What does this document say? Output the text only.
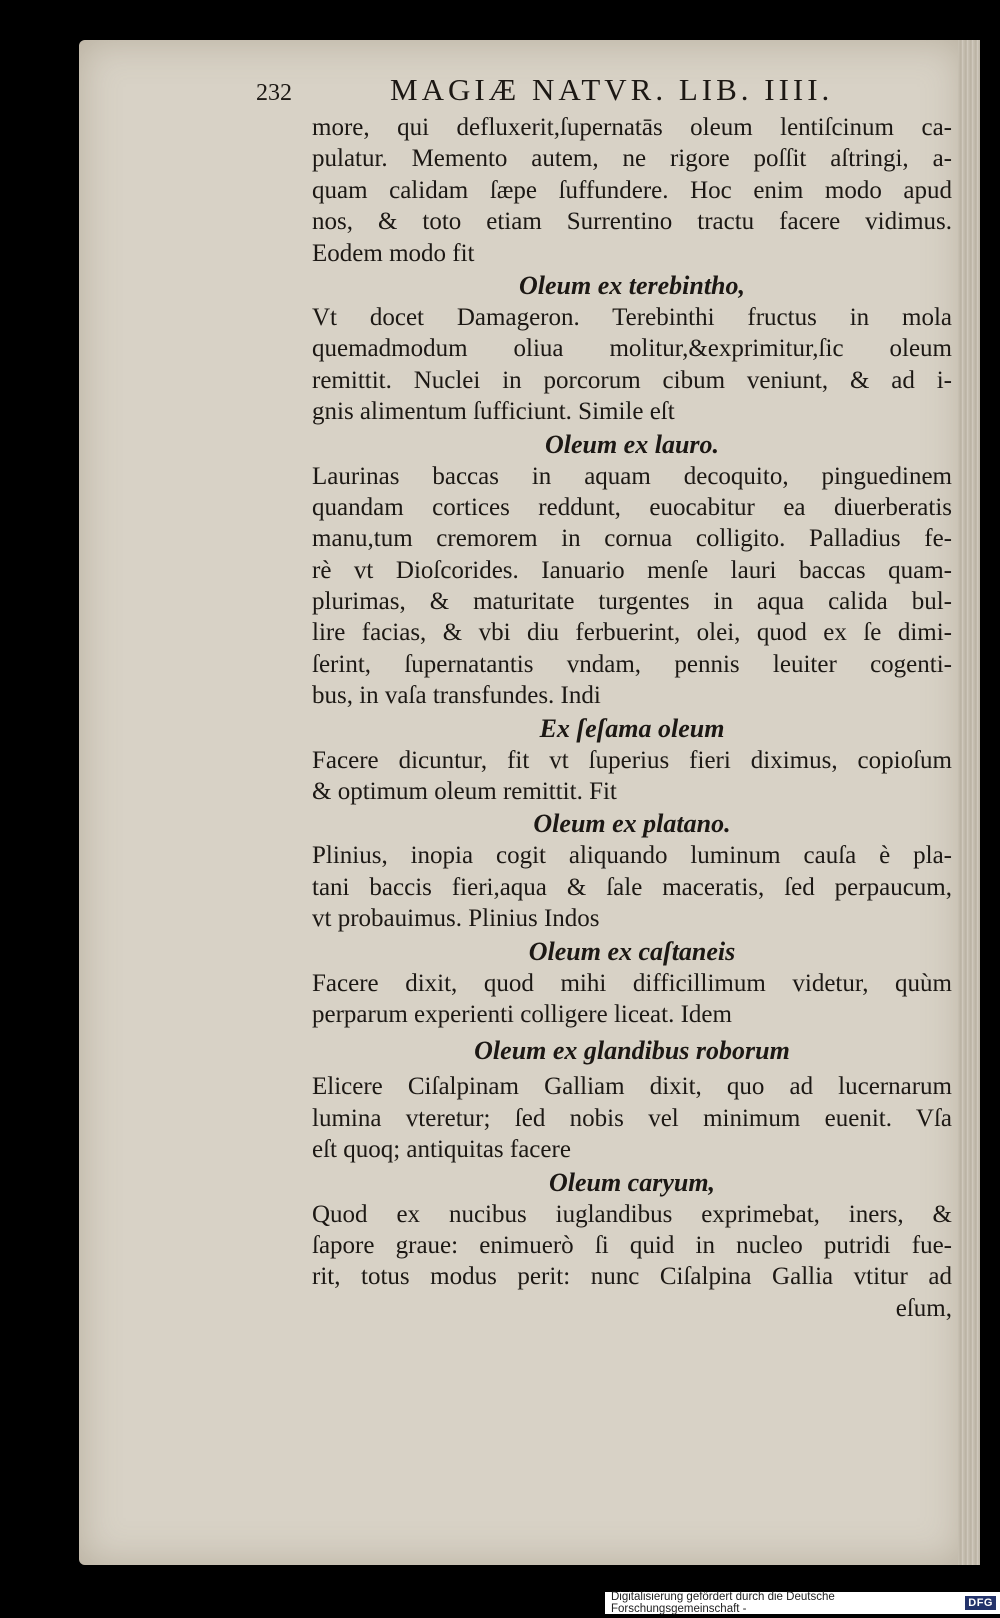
232	MAGIÆ NATVR. LIB. IIII.
more, qui defluxerit,ſupernatās oleum lentiſcinum ca-
pulatur. Memento autem, ne rigore poſſit aſtringi, a-
quam calidam ſæpe ſuffundere. Hoc enim modo apud
nos, & toto etiam Surrentino tractu facere vidimus.
Eodem modo fit
Oleum ex terebintho,
Vt docet Damageron. Terebinthi fructus in mola
quemadmodum oliua molitur,&exprimitur,ſic oleum
remittit. Nuclei in porcorum cibum veniunt, & ad i-
gnis alimentum ſufficiunt. Simile eſt
Oleum ex lauro.
Laurinas baccas in aquam decoquito, pinguedinem
quandam cortices reddunt, euocabitur ea diuerberatis
manu,tum cremorem in cornua colligito. Palladius fe-
rè vt Dioſcorides. Ianuario menſe lauri baccas quam-
plurimas, & maturitate turgentes in aqua calida bul-
lire facias, & vbi diu ferbuerint, olei, quod ex ſe dimi-
ſerint, ſupernatantis vndam, pennis leuiter cogenti-
bus, in vaſa transfundes. Indi
Ex ſeſama oleum
Facere dicuntur, fit vt ſuperius fieri diximus, copioſum
& optimum oleum remittit. Fit
Oleum ex platano.
Plinius, inopia cogit aliquando luminum cauſa è pla-
tani baccis fieri,aqua & ſale maceratis, ſed perpaucum,
vt probauimus. Plinius Indos
Oleum ex caſtaneis
Facere dixit, quod mihi difficillimum videtur, quùm
perparum experienti colligere liceat. Idem
Oleum ex glandibus roborum
Elicere Ciſalpinam Galliam dixit, quo ad lucernarum
lumina vteretur; ſed nobis vel minimum euenit. Vſa
eſt quoq; antiquitas facere
Oleum caryum,
Quod ex nucibus iuglandibus exprimebat, iners, &
ſapore graue: enimuerò ſi quid in nucleo putridi fue-
rit, totus modus perit: nunc Ciſalpina Gallia vtitur ad
eſum,
Digitalisierung gefördert durch die Deutsche Forschungsgemeinschaft -	DFG
